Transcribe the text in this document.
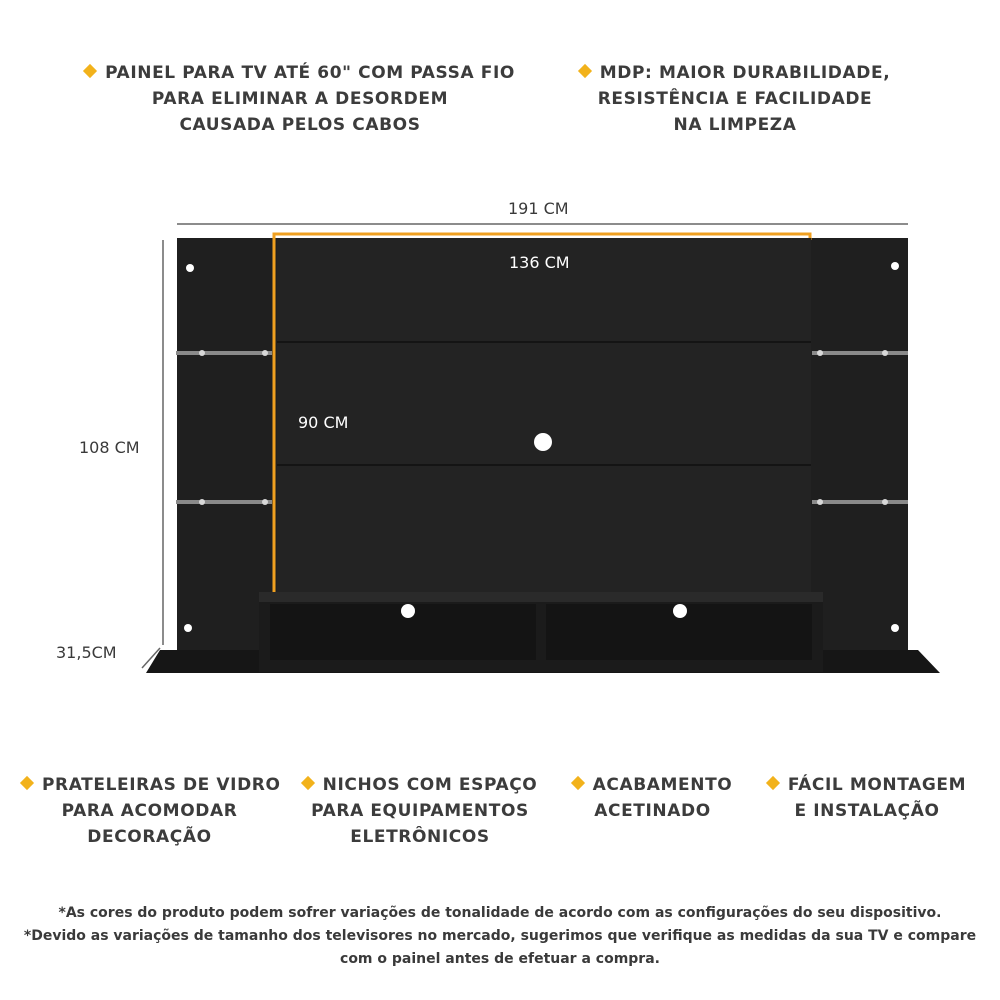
PAINEL PARA TV ATÉ 60" COM PASSA FIO
PARA ELIMINAR A DESORDEM
CAUSADA PELOS CABOS
MDP: MAIOR DURABILIDADE,
RESISTÊNCIA E FACILIDADE
NA LIMPEZA
191 CM
136 CM
108 CM
90 CM
31,5CM
PRATELEIRAS DE VIDRO
PARA ACOMODAR
DECORAÇÃO
NICHOS COM ESPAÇO
PARA EQUIPAMENTOS
ELETRÔNICOS
ACABAMENTO
ACETINADO
FÁCIL MONTAGEM
E INSTALAÇÃO
*As cores do produto podem sofrer variações de tonalidade de acordo com as configurações do seu dispositivo.
*Devido as variações de tamanho dos televisores no mercado, sugerimos que verifique as medidas da sua TV e compare
com o painel antes de efetuar a compra.
